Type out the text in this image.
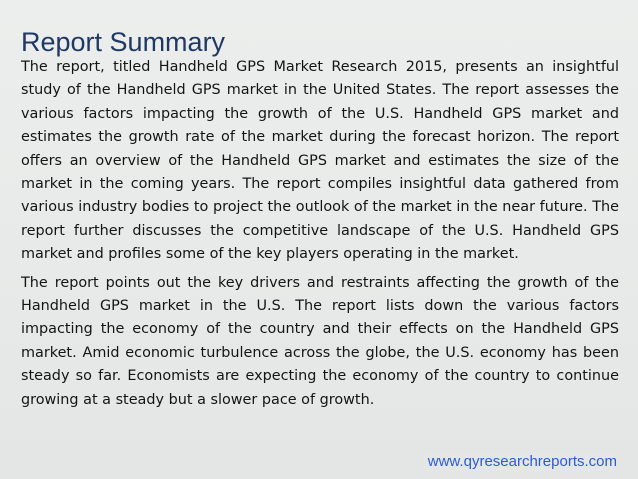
Report Summary

The report, titled Handheld GPS Market Research 2015, presents an insightful study of the Handheld GPS market in the United States. The report assesses the various factors impacting the growth of the U.S. Handheld GPS market and estimates the growth rate of the market during the forecast horizon. The report offers an overview of the Handheld GPS market and estimates the size of the market in the coming years. The report compiles insightful data gathered from various industry bodies to project the outlook of the market in the near future. The report further discusses the competitive landscape of the U.S. Handheld GPS market and profiles some of the key players operating in the market.

The report points out the key drivers and restraints affecting the growth of the Handheld GPS market in the U.S. The report lists down the various factors impacting the economy of the country and their effects on the Handheld GPS market. Amid economic turbulence across the globe, the U.S. economy has been steady so far. Economists are expecting the economy of the country to continue growing at a steady but a slower pace of growth.

www.qyresearchreports.com
